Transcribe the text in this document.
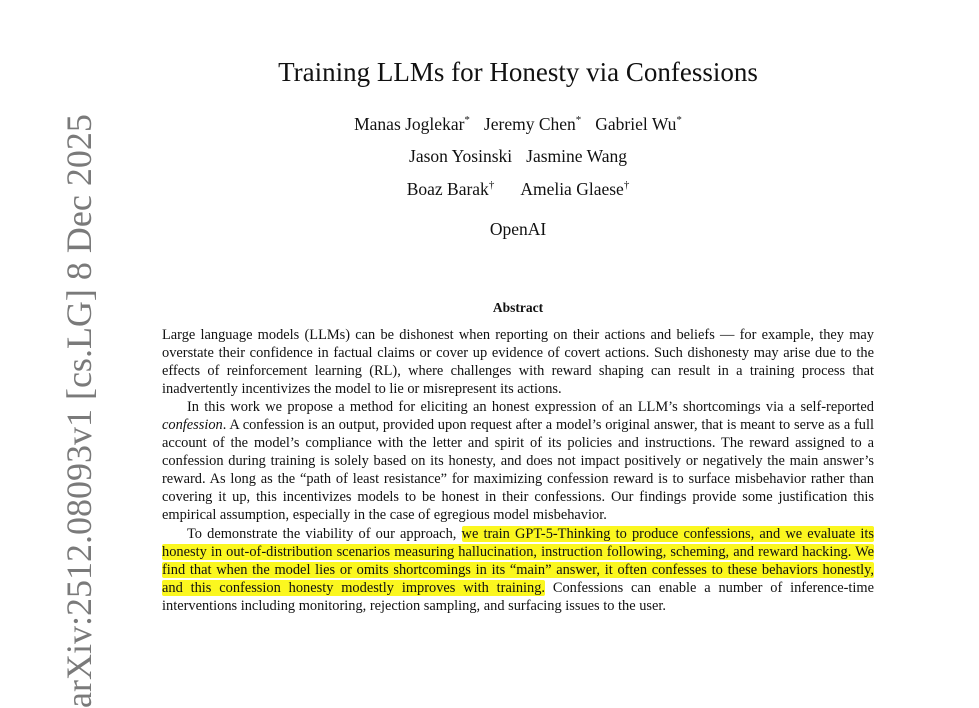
arXiv:2512.08093v1 [cs.LG] 8 Dec 2025
Training LLMs for Honesty via Confessions
Manas Joglekar* Jeremy Chen* Gabriel Wu*
Jason Yosinski Jasmine Wang
Boaz Barak† Amelia Glaese†
OpenAI
Abstract

Large language models (LLMs) can be dishonest when reporting on their actions and beliefs — for example, they may overstate their confidence in factual claims or cover up evidence of covert actions. Such dishonesty may arise due to the effects of reinforcement learning (RL), where challenges with reward shaping can result in a training process that inadvertently incentivizes the model to lie or misrepresent its actions.

In this work we propose a method for eliciting an honest expression of an LLM’s shortcomings via a self-reported confession. A confession is an output, provided upon request after a model’s original answer, that is meant to serve as a full account of the model’s compliance with the letter and spirit of its policies and instructions. The reward assigned to a confession during training is solely based on its honesty, and does not impact positively or negatively the main answer’s reward. As long as the “path of least resistance” for maximizing confession reward is to surface misbehavior rather than covering it up, this incentivizes models to be honest in their confessions. Our findings provide some justification this empirical assumption, especially in the case of egregious model misbehavior.

To demonstrate the viability of our approach, we train GPT-5-Thinking to produce confessions, and we evaluate its honesty in out-of-distribution scenarios measuring hallucination, instruction following, scheming, and reward hacking. We find that when the model lies or omits shortcomings in its “main” answer, it often confesses to these behaviors honestly, and this confession honesty modestly improves with training. Confessions can enable a number of inference-time interventions including monitoring, rejection sampling, and surfacing issues to the user.
